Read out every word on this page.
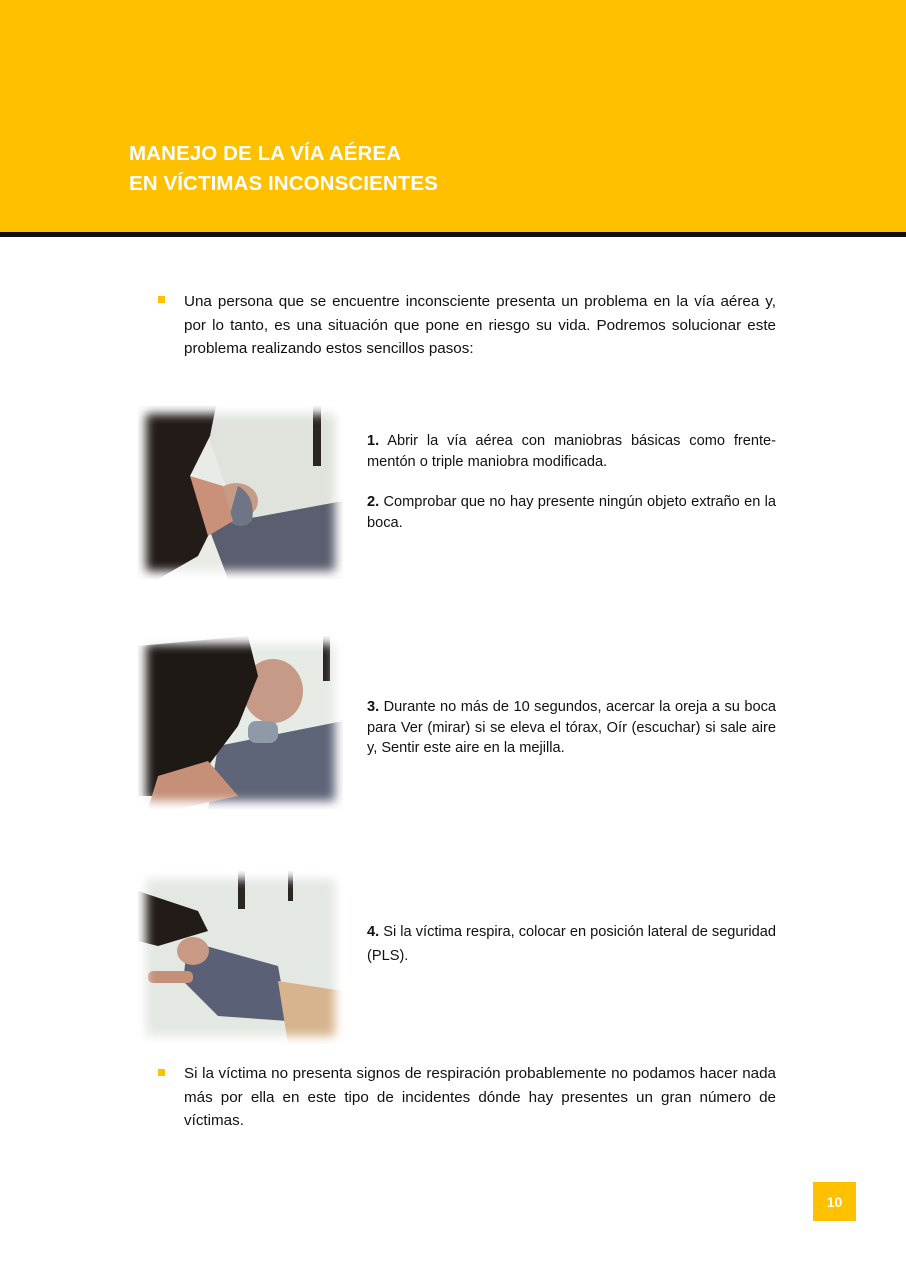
MANEJO DE LA VÍA AÉREA
EN VÍCTIMAS INCONSCIENTES
Una persona que se encuentre inconsciente presenta un problema en la vía aérea y, por lo tanto, es una situación que pone en riesgo su vida. Podremos solucionar este problema realizando estos sencillos pasos:

1. Abrir la vía aérea con maniobras básicas como frente-mentón o triple maniobra modificada.

2. Comprobar que no hay presente ningún objeto extraño en la boca.

3. Durante no más de 10 segundos, acercar la oreja a su boca para Ver (mirar) si se eleva el tórax, Oír (escuchar) si sale aire y, Sentir este aire en la mejilla.

4. Si la víctima respira, colocar en posición lateral de seguridad (PLS).

Si la víctima no presenta signos de respiración probablemente no podamos hacer nada más por ella en este tipo de incidentes dónde hay presentes un gran número de víctimas.
10
